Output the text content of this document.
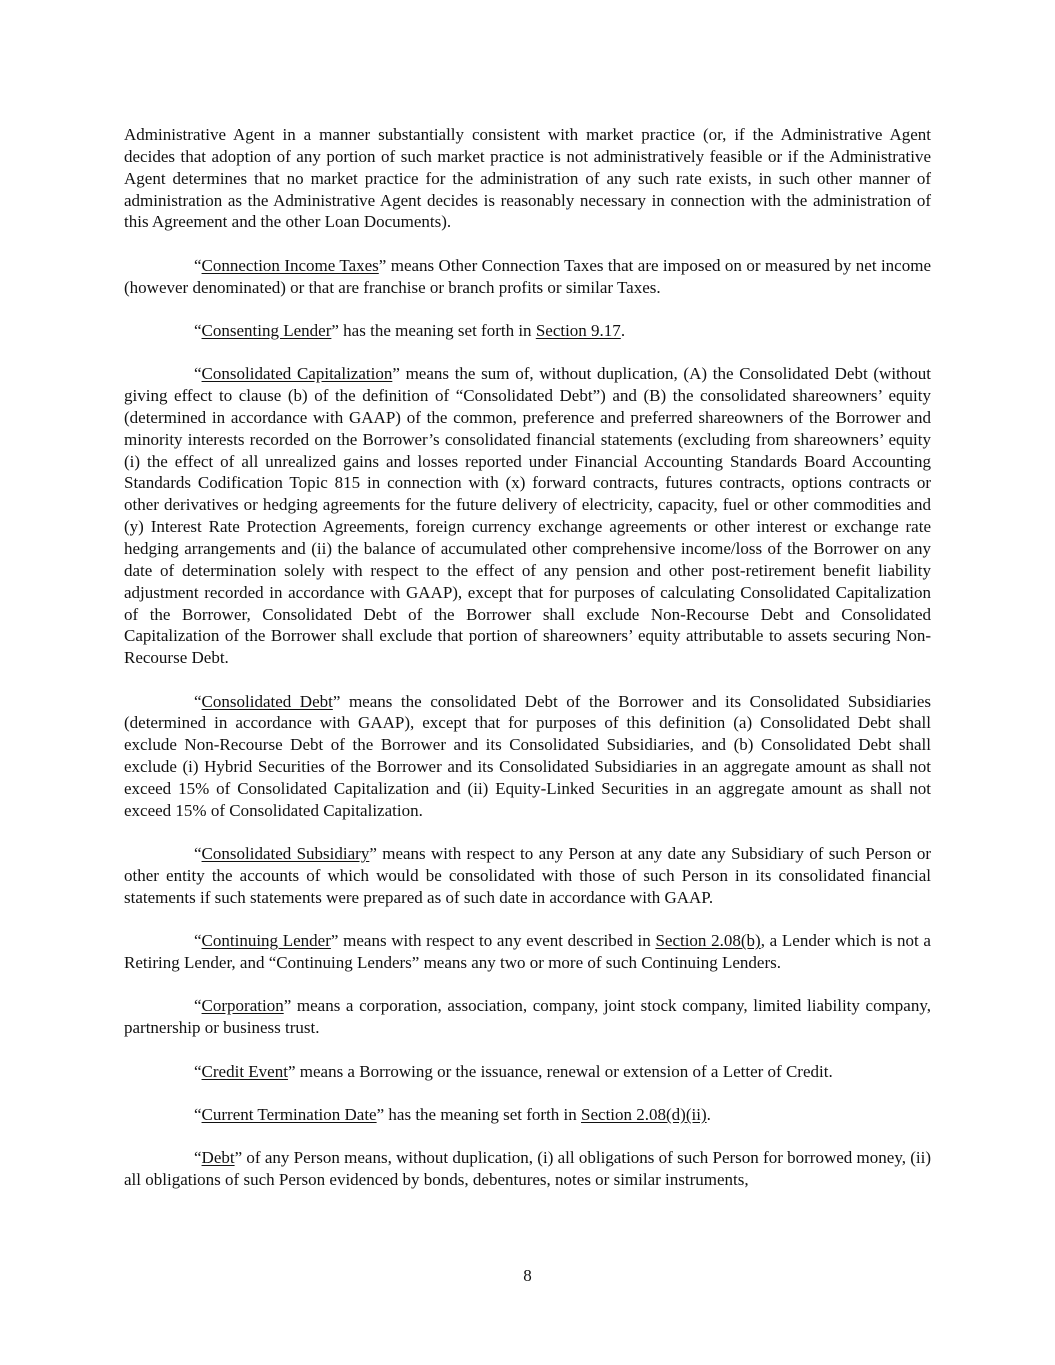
Administrative Agent in a manner substantially consistent with market practice (or, if the Administrative Agent decides that adoption of any portion of such market practice is not administratively feasible or if the Administrative Agent determines that no market practice for the administration of any such rate exists, in such other manner of administration as the Administrative Agent decides is reasonably necessary in connection with the administration of this Agreement and the other Loan Documents).

“Connection Income Taxes” means Other Connection Taxes that are imposed on or measured by net income (however denominated) or that are franchise or branch profits or similar Taxes.

“Consenting Lender” has the meaning set forth in Section 9.17.

“Consolidated Capitalization” means the sum of, without duplication, (A) the Consolidated Debt (without giving effect to clause (b) of the definition of “Consolidated Debt”) and (B) the consolidated shareowners’ equity (determined in accordance with GAAP) of the common, preference and preferred shareowners of the Borrower and minority interests recorded on the Borrower’s consolidated financial statements (excluding from shareowners’ equity (i) the effect of all unrealized gains and losses reported under Financial Accounting Standards Board Accounting Standards Codification Topic 815 in connection with (x) forward contracts, futures contracts, options contracts or other derivatives or hedging agreements for the future delivery of electricity, capacity, fuel or other commodities and (y) Interest Rate Protection Agreements, foreign currency exchange agreements or other interest or exchange rate hedging arrangements and (ii) the balance of accumulated other comprehensive income/loss of the Borrower on any date of determination solely with respect to the effect of any pension and other post-retirement benefit liability adjustment recorded in accordance with GAAP), except that for purposes of calculating Consolidated Capitalization of the Borrower, Consolidated Debt of the Borrower shall exclude Non-Recourse Debt and Consolidated Capitalization of the Borrower shall exclude that portion of shareowners’ equity attributable to assets securing Non-Recourse Debt.

“Consolidated Debt” means the consolidated Debt of the Borrower and its Consolidated Subsidiaries (determined in accordance with GAAP), except that for purposes of this definition (a) Consolidated Debt shall exclude Non-Recourse Debt of the Borrower and its Consolidated Subsidiaries, and (b) Consolidated Debt shall exclude (i) Hybrid Securities of the Borrower and its Consolidated Subsidiaries in an aggregate amount as shall not exceed 15% of Consolidated Capitalization and (ii) Equity-Linked Securities in an aggregate amount as shall not exceed 15% of Consolidated Capitalization.

“Consolidated Subsidiary” means with respect to any Person at any date any Subsidiary of such Person or other entity the accounts of which would be consolidated with those of such Person in its consolidated financial statements if such statements were prepared as of such date in accordance with GAAP.

“Continuing Lender” means with respect to any event described in Section 2.08(b), a Lender which is not a Retiring Lender, and “Continuing Lenders” means any two or more of such Continuing Lenders.

“Corporation” means a corporation, association, company, joint stock company, limited liability company, partnership or business trust.

“Credit Event” means a Borrowing or the issuance, renewal or extension of a Letter of Credit.

“Current Termination Date” has the meaning set forth in Section 2.08(d)(ii).

“Debt” of any Person means, without duplication, (i) all obligations of such Person for borrowed money, (ii) all obligations of such Person evidenced by bonds, debentures, notes or similar instruments,

8
